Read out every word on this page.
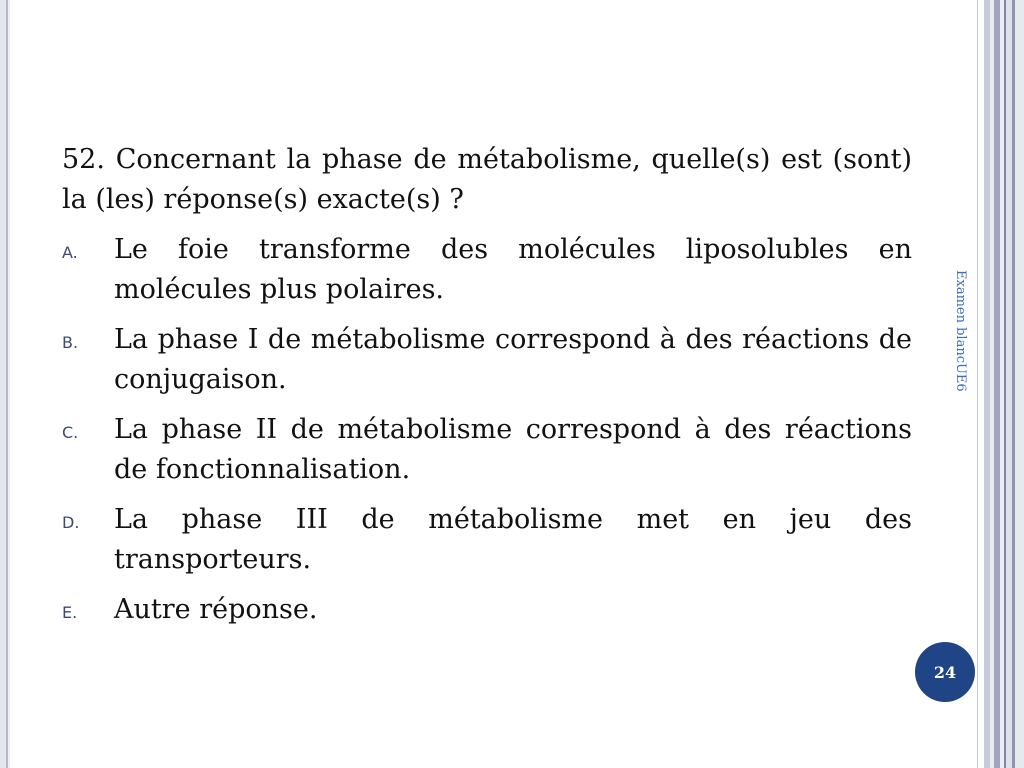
52. Concernant la phase de métabolisme, quelle(s) est (sont) la (les) réponse(s) exacte(s) ?
A.	Le foie transforme des molécules liposolubles en molécules plus polaires.
B.	La phase I de métabolisme correspond à des réactions de conjugaison.
C.	La phase II de métabolisme correspond à des réactions de fonctionnalisation.
D.	La phase III de métabolisme met en jeu des transporteurs.
E.	Autre réponse.
Examen blancUE6
24
